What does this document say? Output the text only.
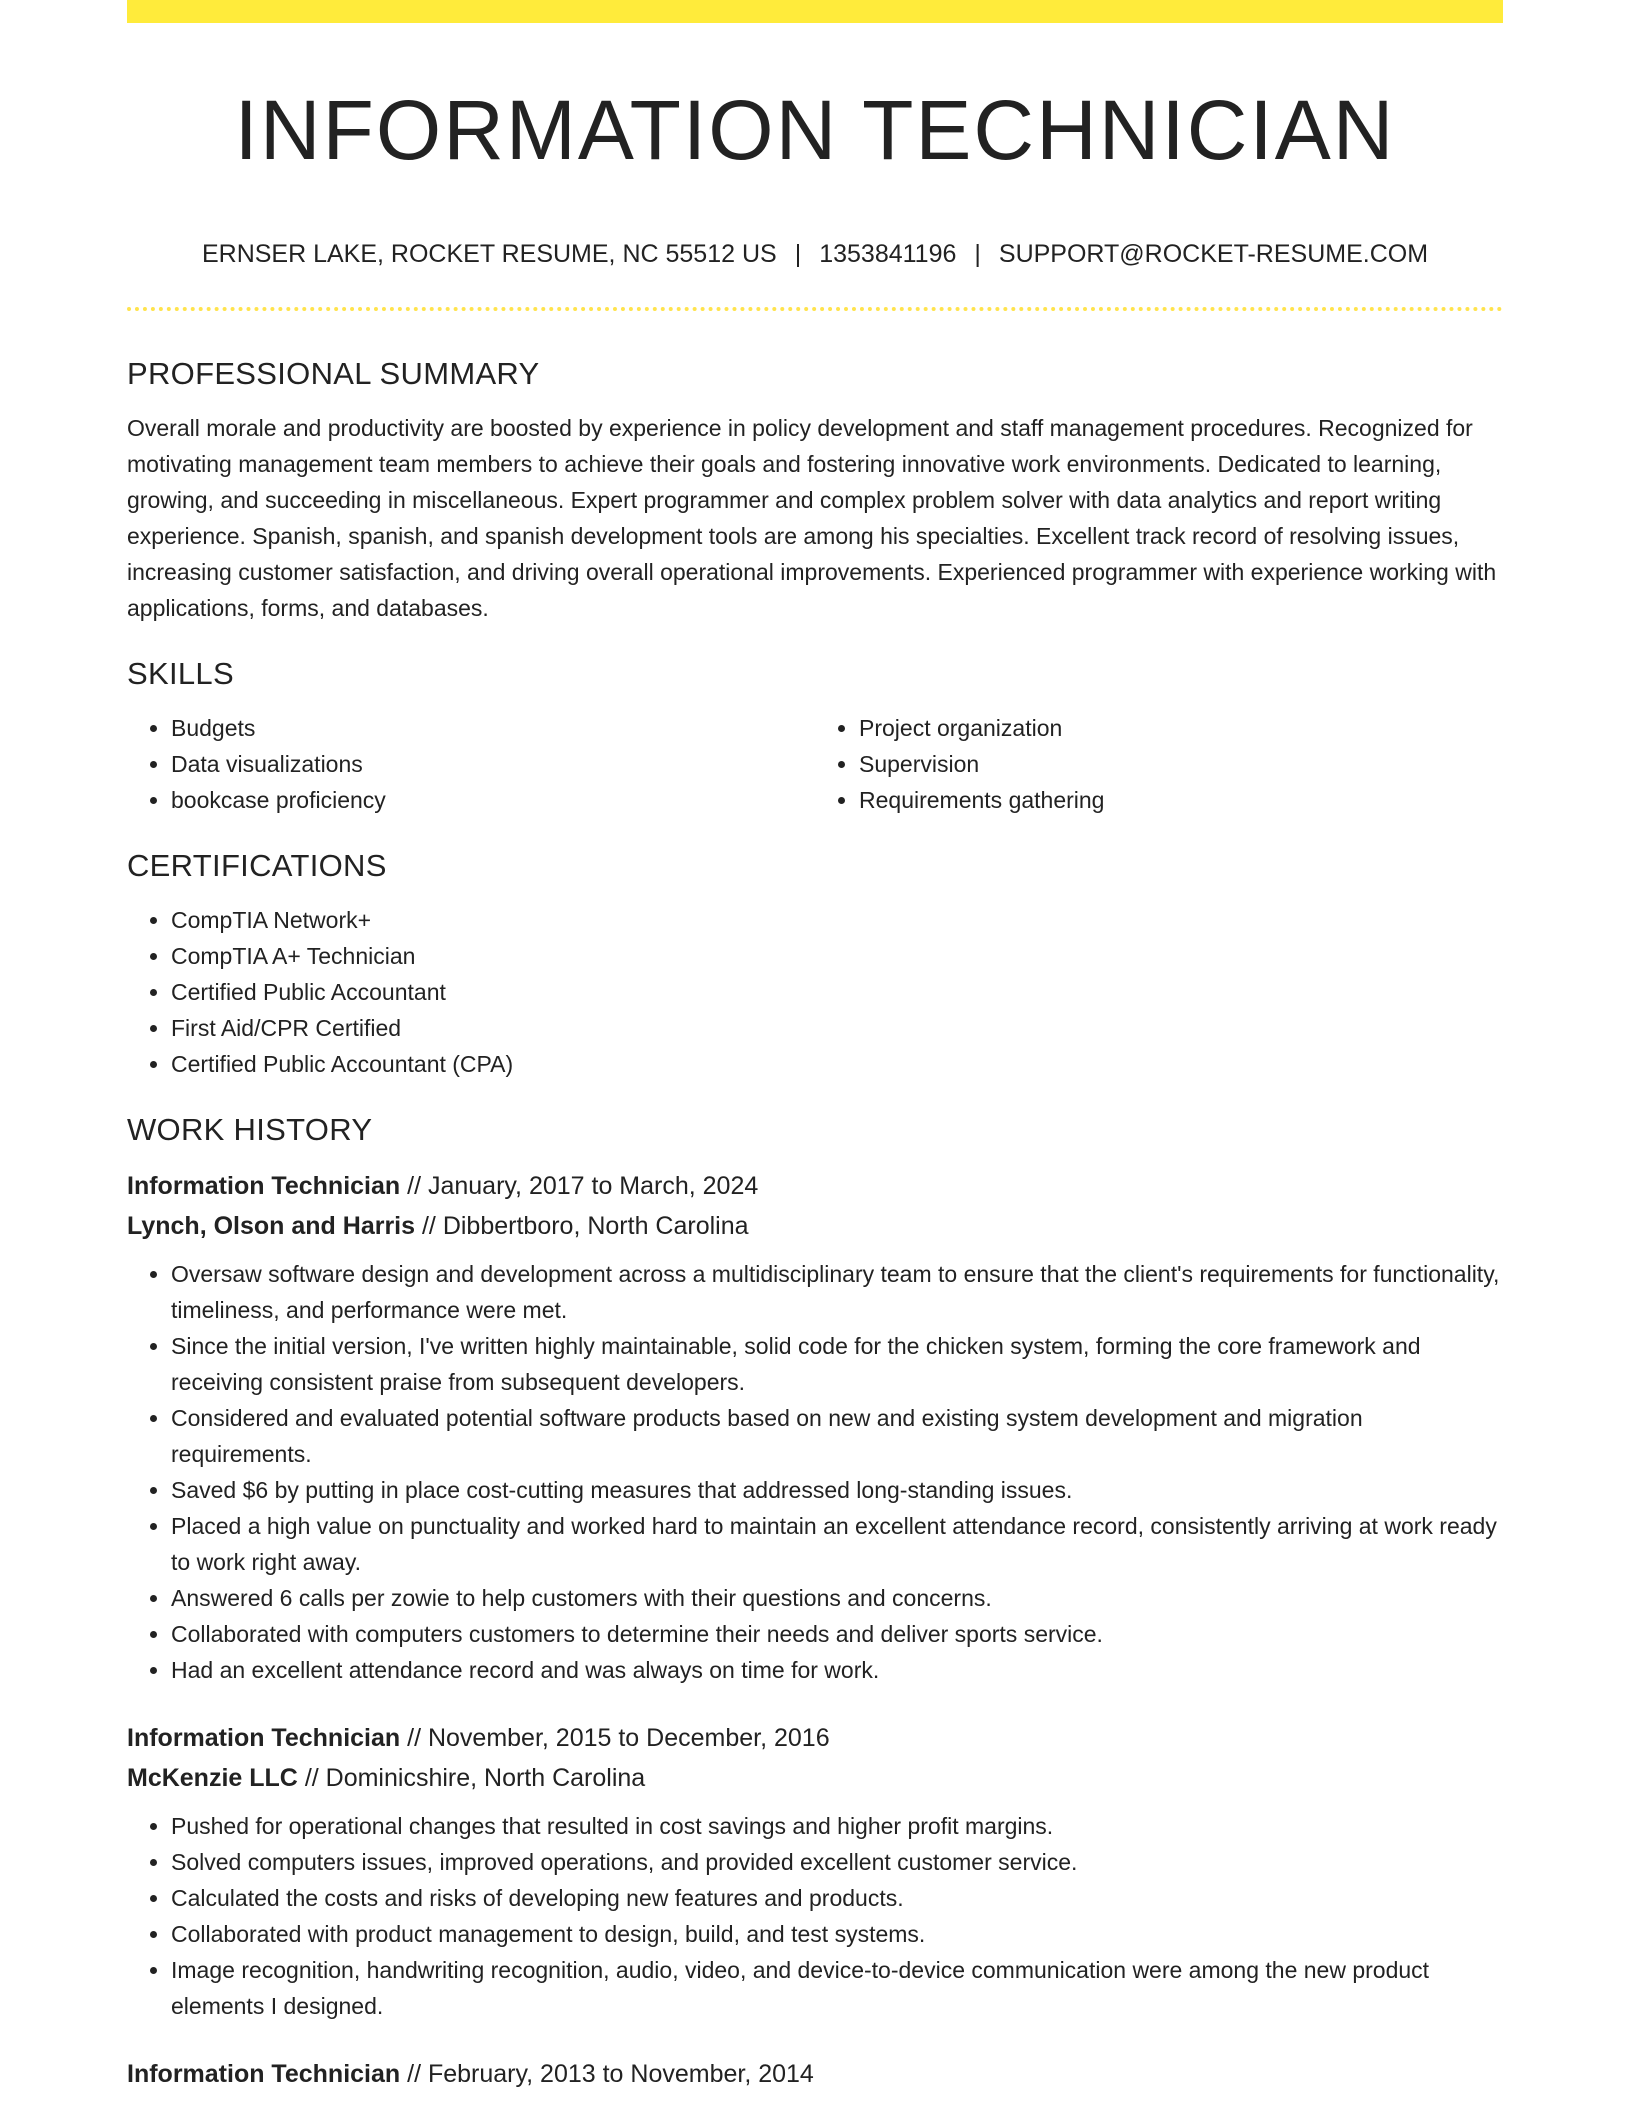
INFORMATION TECHNICIAN
ERNSER LAKE, ROCKET RESUME, NC 55512 US | 1353841196 | SUPPORT@ROCKET-RESUME.COM
PROFESSIONAL SUMMARY

Overall morale and productivity are boosted by experience in policy development and staff management procedures. Recognized for motivating management team members to achieve their goals and fostering innovative work environments. Dedicated to learning, growing, and succeeding in miscellaneous. Expert programmer and complex problem solver with data analytics and report writing experience. Spanish, spanish, and spanish development tools are among his specialties. Excellent track record of resolving issues, increasing customer satisfaction, and driving overall operational improvements. Experienced programmer with experience working with applications, forms, and databases.

SKILLS
• Budgets
• Data visualizations
• bookcase proficiency
• Project organization
• Supervision
• Requirements gathering
CERTIFICATIONS
• CompTIA Network+
• CompTIA A+ Technician
• Certified Public Accountant
• First Aid/CPR Certified
• Certified Public Accountant (CPA)
WORK HISTORY
Information Technician // January, 2017 to March, 2024
Lynch, Olson and Harris // Dibbertboro, North Carolina
• Oversaw software design and development across a multidisciplinary team to ensure that the client's requirements for functionality, timeliness, and performance were met.
• Since the initial version, I've written highly maintainable, solid code for the chicken system, forming the core framework and receiving consistent praise from subsequent developers.
• Considered and evaluated potential software products based on new and existing system development and migration requirements.
• Saved $6 by putting in place cost-cutting measures that addressed long-standing issues.
• Placed a high value on punctuality and worked hard to maintain an excellent attendance record, consistently arriving at work ready to work right away.
• Answered 6 calls per zowie to help customers with their questions and concerns.
• Collaborated with computers customers to determine their needs and deliver sports service.
• Had an excellent attendance record and was always on time for work.
Information Technician // November, 2015 to December, 2016
McKenzie LLC // Dominicshire, North Carolina
• Pushed for operational changes that resulted in cost savings and higher profit margins.
• Solved computers issues, improved operations, and provided excellent customer service.
• Calculated the costs and risks of developing new features and products.
• Collaborated with product management to design, build, and test systems.
• Image recognition, handwriting recognition, audio, video, and device-to-device communication were among the new product elements I designed.
Information Technician // February, 2013 to November, 2014
